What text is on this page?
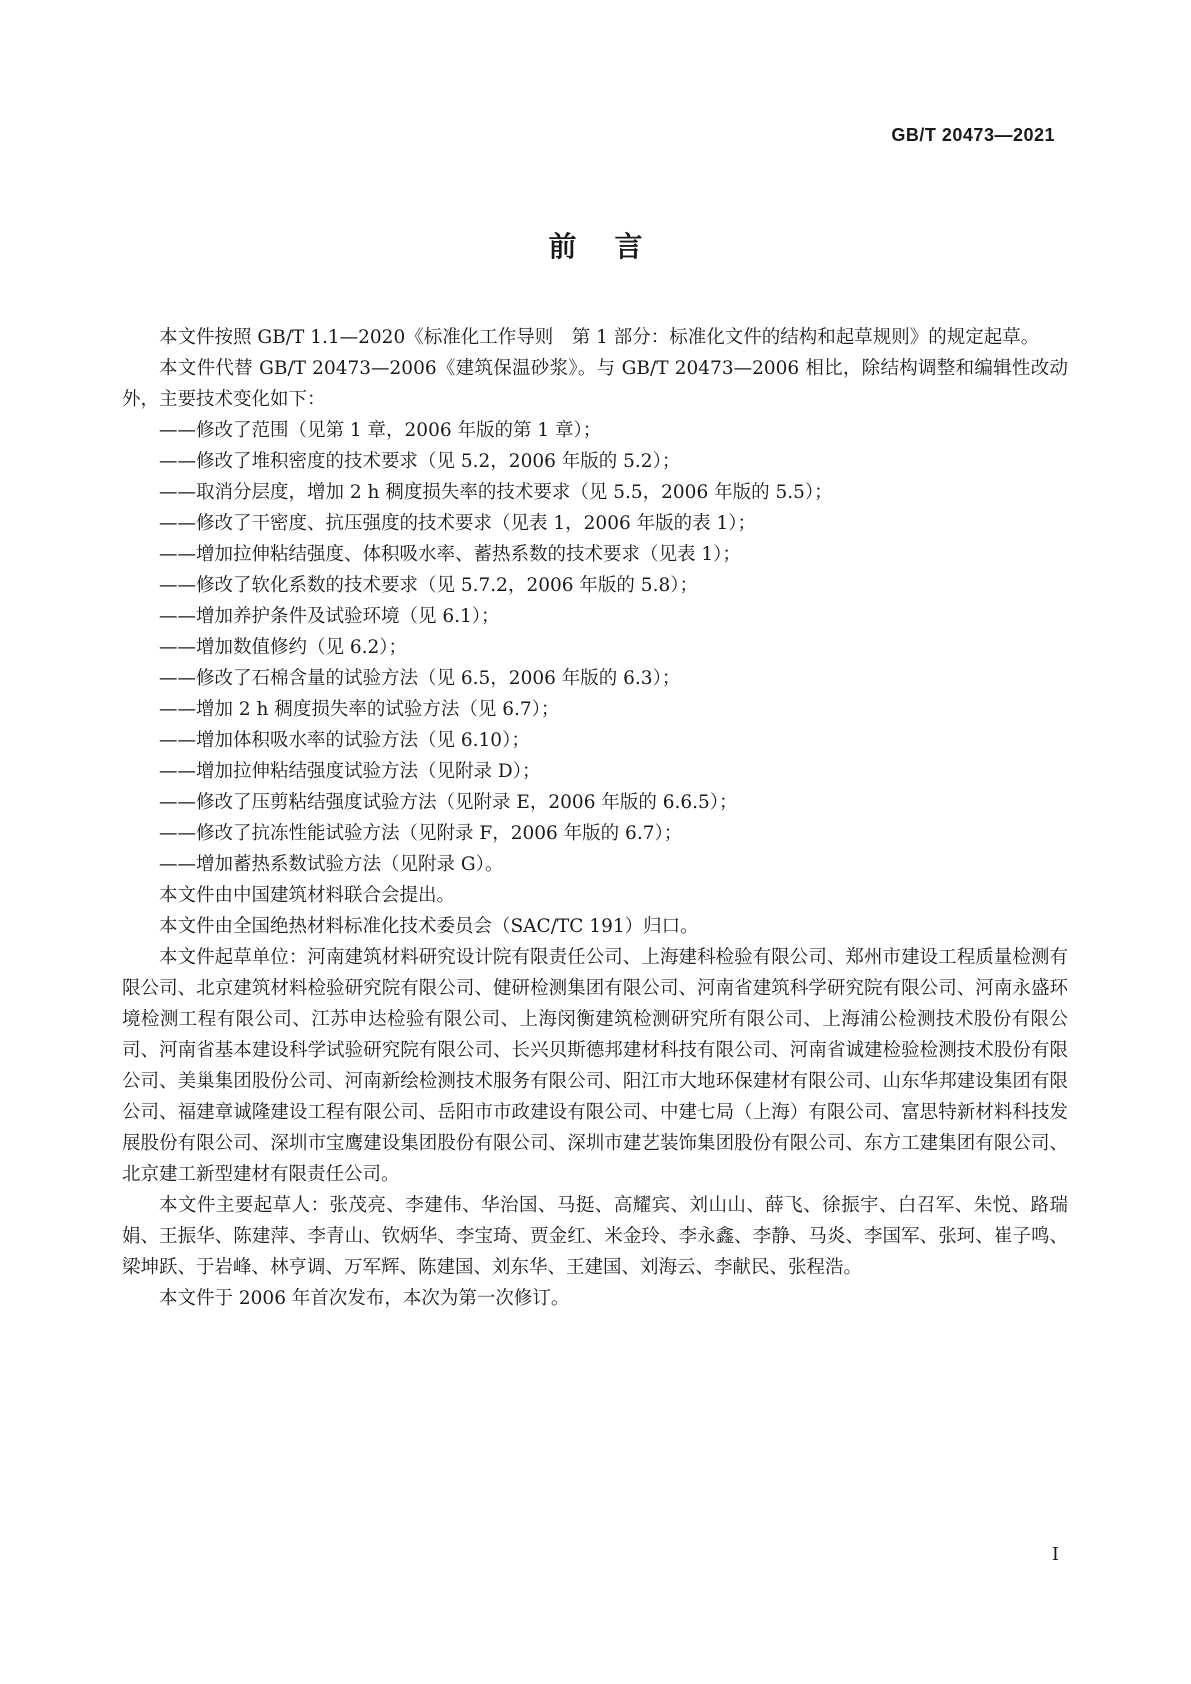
GB/T 20473—2021
前言

本文件按照 GB/T 1.1—2020《标准化工作导则　第 1 部分：标准化文件的结构和起草规则》的规定起草。

本文件代替 GB/T 20473—2006《建筑保温砂浆》。与 GB/T 20473—2006 相比，除结构调整和编辑性改动外，主要技术变化如下：

——修改了范围（见第 1 章，2006 年版的第 1 章）；
——修改了堆积密度的技术要求（见 5.2，2006 年版的 5.2）；
——取消分层度，增加 2 h 稠度损失率的技术要求（见 5.5，2006 年版的 5.5）；
——修改了干密度、抗压强度的技术要求（见表 1，2006 年版的表 1）；
——增加拉伸粘结强度、体积吸水率、蓄热系数的技术要求（见表 1）；
——修改了软化系数的技术要求（见 5.7.2，2006 年版的 5.8）；
——增加养护条件及试验环境（见 6.1）；
——增加数值修约（见 6.2）；
——修改了石棉含量的试验方法（见 6.5，2006 年版的 6.3）；
——增加 2 h 稠度损失率的试验方法（见 6.7）；
——增加体积吸水率的试验方法（见 6.10）；
——增加拉伸粘结强度试验方法（见附录 D）；
——修改了压剪粘结强度试验方法（见附录 E，2006 年版的 6.6.5）；
——修改了抗冻性能试验方法（见附录 F，2006 年版的 6.7）；
——增加蓄热系数试验方法（见附录 G）。

本文件由中国建筑材料联合会提出。

本文件由全国绝热材料标准化技术委员会（SAC/TC 191）归口。

本文件起草单位：河南建筑材料研究设计院有限责任公司、上海建科检验有限公司、郑州市建设工程质量检测有限公司、北京建筑材料检验研究院有限公司、健研检测集团有限公司、河南省建筑科学研究院有限公司、河南永盛环境检测工程有限公司、江苏申达检验有限公司、上海闵衡建筑检测研究所有限公司、上海浦公检测技术股份有限公司、河南省基本建设科学试验研究院有限公司、长兴贝斯德邦建材科技有限公司、河南省诚建检验检测技术股份有限公司、美巢集团股份公司、河南新绘检测技术服务有限公司、阳江市大地环保建材有限公司、山东华邦建设集团有限公司、福建章诚隆建设工程有限公司、岳阳市市政建设有限公司、中建七局（上海）有限公司、富思特新材料科技发展股份有限公司、深圳市宝鹰建设集团股份有限公司、深圳市建艺装饰集团股份有限公司、东方工建集团有限公司、北京建工新型建材有限责任公司。

本文件主要起草人：张茂亮、李建伟、华治国、马挺、高耀宾、刘山山、薛飞、徐振宇、白召军、朱悦、路瑞娟、王振华、陈建萍、李青山、钦炳华、李宝琦、贾金红、米金玲、李永鑫、李静、马炎、李国军、张珂、崔子鸣、梁坤跃、于岩峰、林亨调、万军辉、陈建国、刘东华、王建国、刘海云、李献民、张程浩。

本文件于 2006 年首次发布，本次为第一次修订。

I
